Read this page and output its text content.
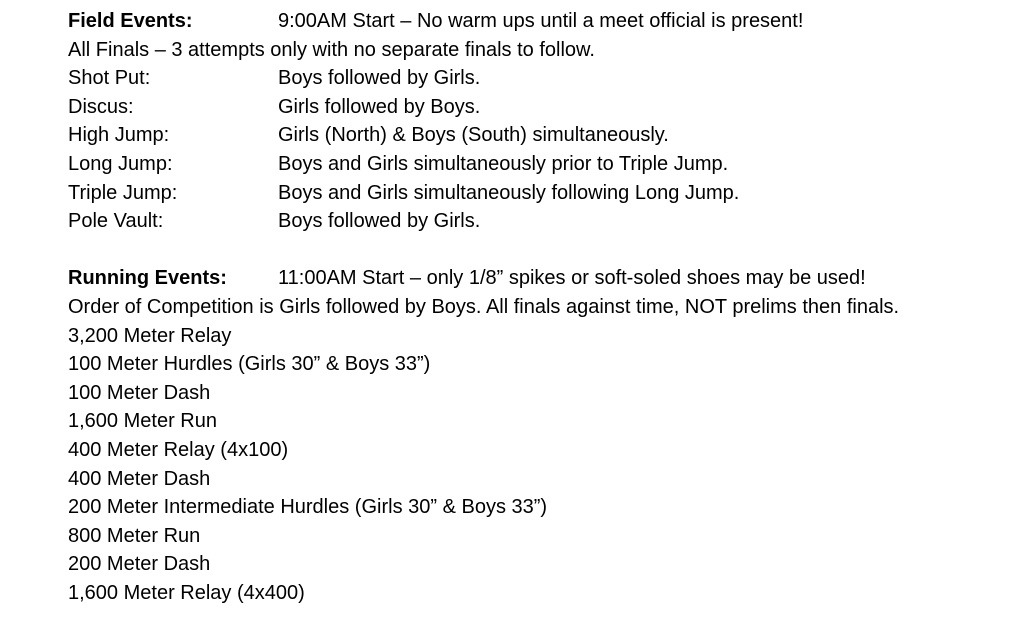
Field Events:	9:00AM Start – No warm ups until a meet official is present!
All Finals – 3 attempts only with no separate finals to follow.
Shot Put:	Boys followed by Girls.
Discus:	Girls followed by Boys.
High Jump:	Girls (North) & Boys (South) simultaneously.
Long Jump:	Boys and Girls simultaneously prior to Triple Jump.
Triple Jump:	Boys and Girls simultaneously following Long Jump.
Pole Vault:	Boys followed by Girls.
Running Events:	11:00AM Start – only 1/8” spikes or soft-soled shoes may be used!
Order of Competition is Girls followed by Boys. All finals against time, NOT prelims then finals.
3,200 Meter Relay
100 Meter Hurdles (Girls 30” & Boys 33”)
100 Meter Dash
1,600 Meter Run
400 Meter Relay (4x100)
400 Meter Dash
200 Meter Intermediate Hurdles (Girls 30” & Boys 33”)
800 Meter Run
200 Meter Dash
1,600 Meter Relay (4x400)
